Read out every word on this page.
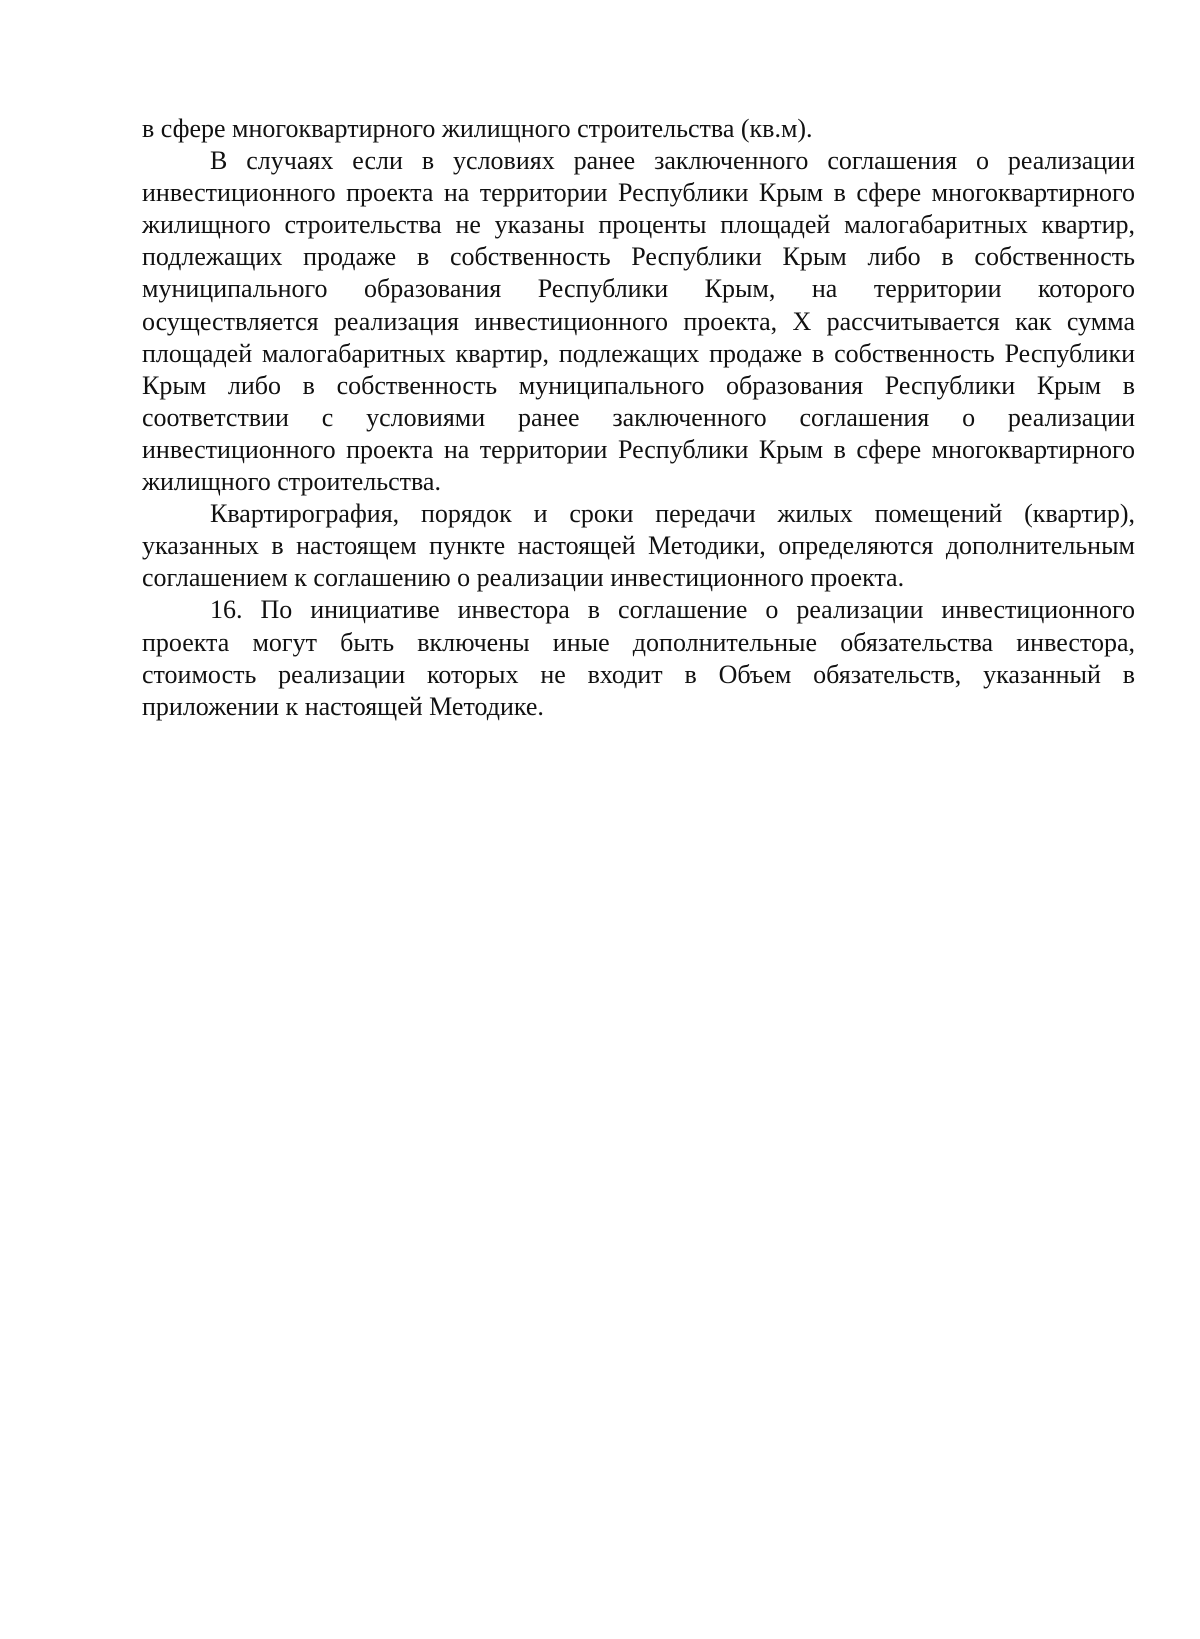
в сфере многоквартирного жилищного строительства (кв.м).

В случаях если в условиях ранее заключенного соглашения о реализации инвестиционного проекта на территории Республики Крым в сфере многоквартирного жилищного строительства не указаны проценты площадей малогабаритных квартир, подлежащих продаже в собственность Республики Крым либо в собственность муниципального образования Республики Крым, на территории которого осуществляется реализация инвестиционного проекта, Х рассчитывается как сумма площадей малогабаритных квартир, подлежащих продаже в собственность Республики Крым либо в собственность муниципального образования Республики Крым в соответствии с условиями ранее заключенного соглашения о реализации инвестиционного проекта на территории Республики Крым в сфере многоквартирного жилищного строительства.

Квартирография, порядок и сроки передачи жилых помещений (квартир), указанных в настоящем пункте настоящей Методики, определяются дополнительным соглашением к соглашению о реализации инвестиционного проекта.

16. По инициативе инвестора в соглашение о реализации инвестиционного проекта могут быть включены иные дополнительные обязательства инвестора, стоимость реализации которых не входит в Объем обязательств, указанный в приложении к настоящей Методике.
